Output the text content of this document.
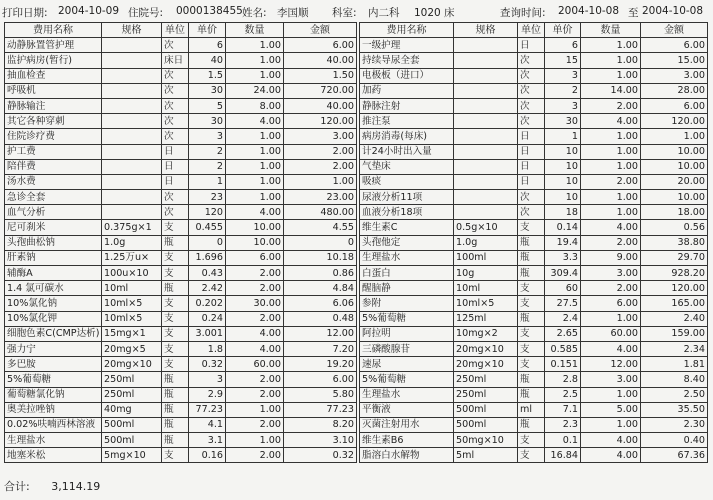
打印日期: 2004-10-09 住院号: 0000138455 姓名: 李国顺 科室: 内二科 1020 床	查询时间: 2004-10-08 至 2004-10-08
费用名称	规格	单位	单价	数量	金额
动静脉置管护理		次	6	1.00	6.00
监护病房(暂行)		床日	40	1.00	40.00
抽血检查		次	1.5	1.00	1.50
呼吸机		次	30	24.00	720.00
静脉输注		次	5	8.00	40.00
其它各种穿刺		次	30	4.00	120.00
住院诊疗费		次	3	1.00	3.00
护工费		日	2	1.00	2.00
陪伴费		日	2	1.00	2.00
汤水费		日	1	1.00	1.00
急诊全套		次	23	1.00	23.00
血气分析		次	120	4.00	480.00
尼可刹米	0.375g×1	支	0.455	10.00	4.55
头孢曲松钠	1.0g	瓶	0	10.00	0
肝素钠	1.25万u×	支	1.696	6.00	10.18
辅酶A	100u×10	支	0.43	2.00	0.86
1.4 氯可碳水	10ml	瓶	2.42	2.00	4.84
10%氯化钠	10ml×5	支	0.202	30.00	6.06
10%氯化钾	10ml×5	支	0.24	2.00	0.48
细胞色素C(CMP达析)	15mg×1	支	3.001	4.00	12.00
强力宁	20mg×5	支	1.8	4.00	7.20
多巴胺	20mg×10	支	0.32	60.00	19.20
5%葡萄糖	250ml	瓶	3	2.00	6.00
葡萄糖氯化钠	250ml	瓶	2.9	2.00	5.80
奥美拉唑钠	40mg	瓶	77.23	1.00	77.23
0.02%呋喃西林溶液	500ml	瓶	4.1	2.00	8.20
生理盐水	500ml	瓶	3.1	1.00	3.10
地塞米松	5mg×10	支	0.16	2.00	0.32
费用名称	规格	单位	单价	数量	金额
一级护理		日	6	1.00	6.00
持续导尿全套		次	15	1.00	15.00
电极板（进口）		次	3	1.00	3.00
加药		次	2	14.00	28.00
静脉注射		次	3	2.00	6.00
推注泵		次	30	4.00	120.00
病房消毒(每床)		日	1	1.00	1.00
计24小时出入量		日	10	1.00	10.00
气垫床		日	10	1.00	10.00
吸痰		日	10	2.00	20.00
尿液分析11项		次	10	1.00	10.00
血液分析18项		次	18	1.00	18.00
维生素C	0.5g×10	支	0.14	4.00	0.56
头孢他定	1.0g	瓶	19.4	2.00	38.80
生理盐水	100ml	瓶	3.3	9.00	29.70
白蛋白	10g	瓶	309.4	3.00	928.20
醒脑静	10ml	支	60	2.00	120.00
参附	10ml×5	支	27.5	6.00	165.00
5%葡萄糖	125ml	瓶	2.4	1.00	2.40
阿拉明	10mg×2	支	2.65	60.00	159.00
三磷酸腺苷	20mg×10	支	0.585	4.00	2.34
速尿	20mg×10	支	0.151	12.00	1.81
5%葡萄糖	250ml	瓶	2.8	3.00	8.40
生理盐水	250ml	瓶	2.5	1.00	2.50
平衡液	500ml	ml	7.1	5.00	35.50
灭菌注射用水	500ml	瓶	2.3	1.00	2.30
维生素B6	50mg×10	支	0.1	4.00	0.40
脂溶白水解物	5ml	支	16.84	4.00	67.36
合计: 3,114.19
